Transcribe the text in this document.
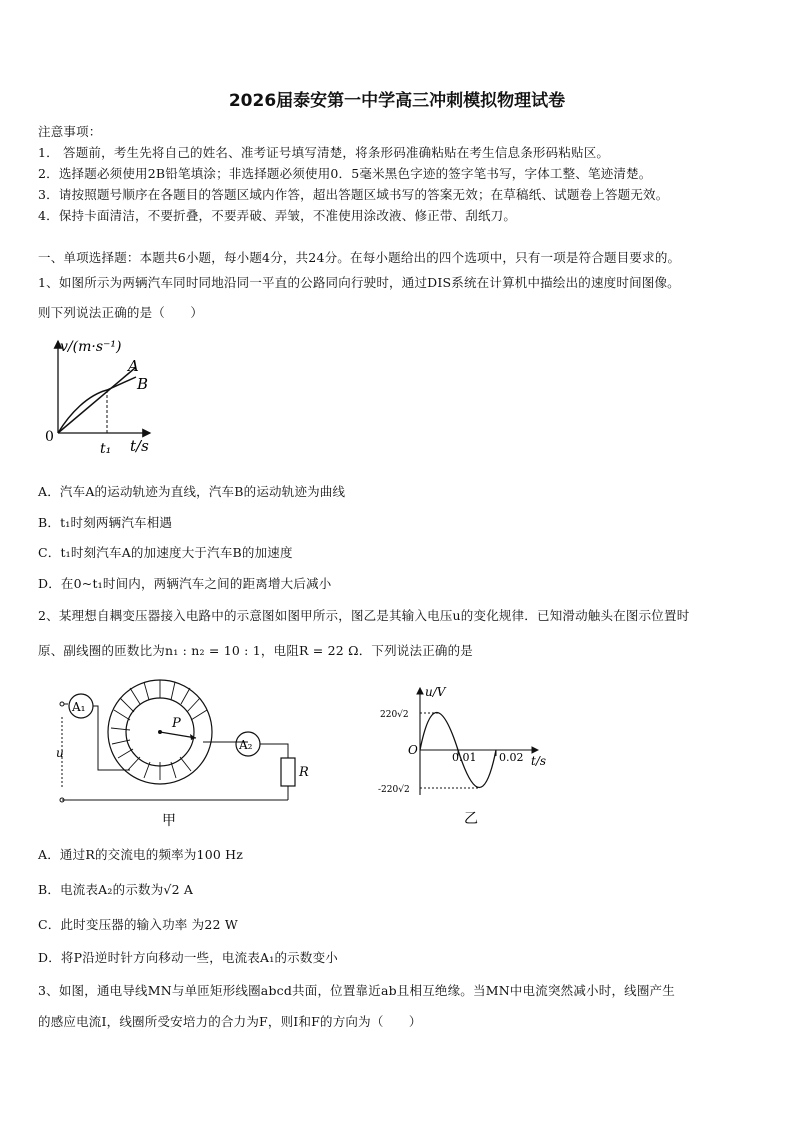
2026届泰安第一中学高三冲刺模拟物理试卷
注意事项：
1． 答题前，考生先将自己的姓名、准考证号填写清楚，将条形码准确粘贴在考生信息条形码粘贴区。
2．选择题必须使用2B铅笔填涂；非选择题必须使用0．5毫米黑色字迹的签字笔书写，字体工整、笔迹清楚。
3．请按照题号顺序在各题目的答题区域内作答，超出答题区域书写的答案无效；在草稿纸、试题卷上答题无效。
4．保持卡面清洁，不要折叠，不要弄破、弄皱，不准使用涂改液、修正带、刮纸刀。
一、单项选择题：本题共6小题，每小题4分，共24分。在每小题给出的四个选项中，只有一项是符合题目要求的。
1、如图所示为两辆汽车同时同地沿同一平直的公路同向行驶时，通过DIS系统在计算机中描绘出的速度时间图像。
则下列说法正确的是（　　）
v/(m·s⁻¹)
t/s
0
t₁
A
B
A．汽车A的运动轨迹为直线，汽车B的运动轨迹为曲线
B．t₁时刻两辆汽车相遇
C．t₁时刻汽车A的加速度大于汽车B的加速度
D．在0~t₁时间内，两辆汽车之间的距离增大后减小
2、某理想自耦变压器接入电路中的示意图如图甲所示，图乙是其输入电压u的变化规律．已知滑动触头在图示位置时
原、副线圈的匝数比为n₁ : n₂ = 10 : 1，电阻R = 22 Ω．下列说法正确的是
A₁
u
P
A₂
R
甲
u/V
t/s
O
220√2
-220√2
0.01 0.02
乙
A．通过R的交流电的频率为100 Hz
B．电流表A₂的示数为√2 A
C．此时变压器的输入功率 为22 W
D．将P沿逆时针方向移动一些，电流表A₁的示数变小
3、如图，通电导线MN与单匝矩形线圈abcd共面，位置靠近ab且相互绝缘。当MN中电流突然减小时，线圈产生
的感应电流I，线圈所受安培力的合力为F，则I和F的方向为（　　）
